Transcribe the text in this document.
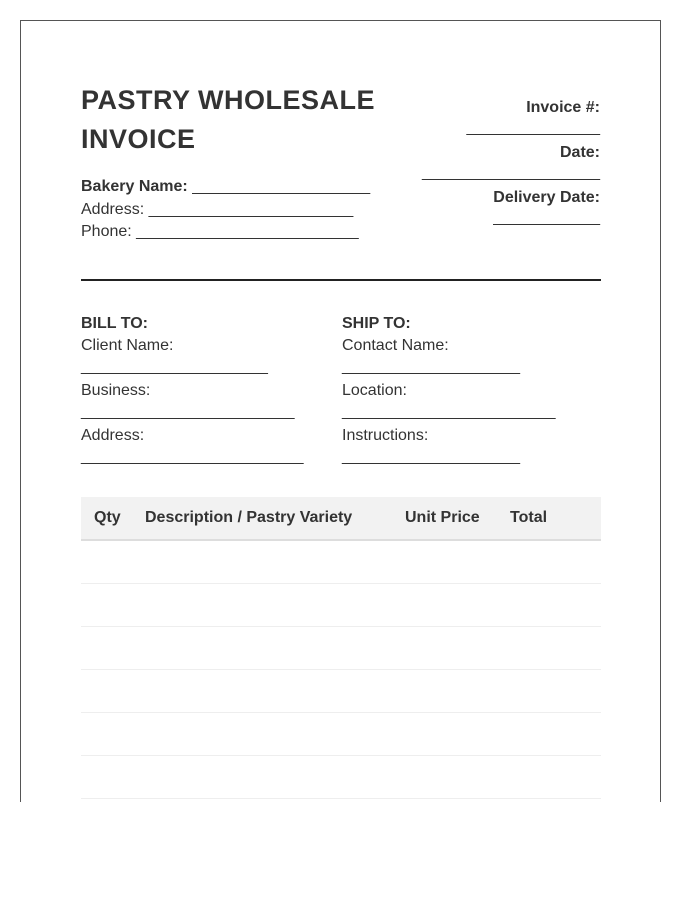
PASTRY WHOLESALE
INVOICE
Bakery Name: ____________________
Address: _______________________
Phone: _________________________
Invoice #:
_______________
Date:
____________________
Delivery Date:
____________
BILL TO:
Client Name:
_____________________
Business:
________________________
Address:
_________________________
SHIP TO:
Contact Name:
____________________
Location:
________________________
Instructions:
____________________
Qty Description / Pastry Variety	Unit Price Total
